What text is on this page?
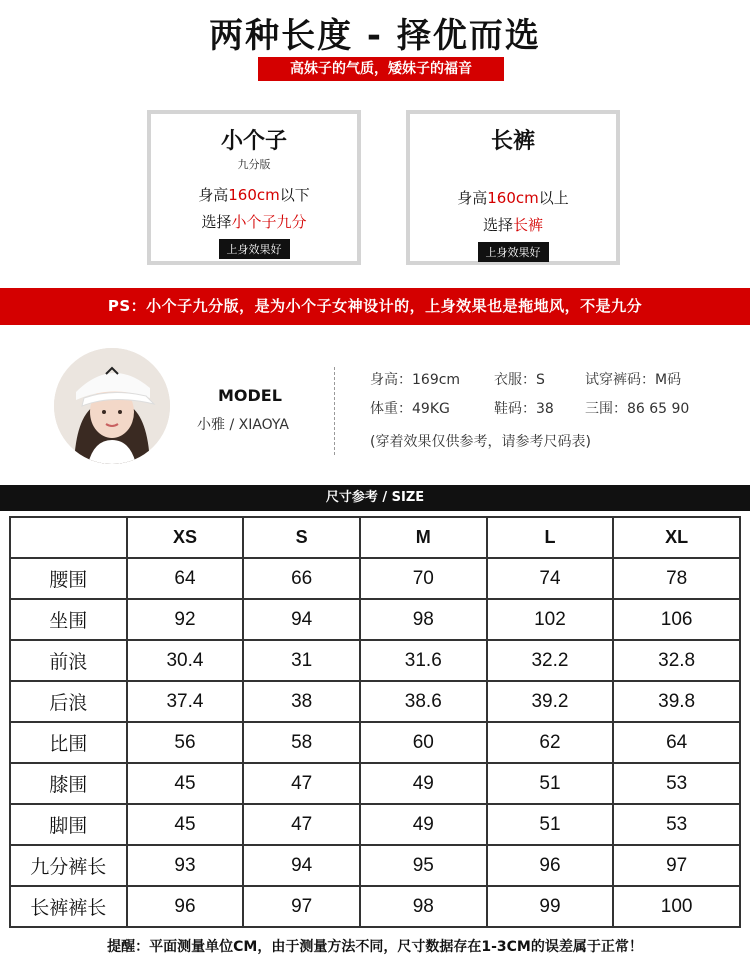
两种长度 - 择优而选
高妹子的气质，矮妹子的福音
小个子
九分版
身高160cm以下
选择小个子九分
上身效果好
长裤
身高160cm以上
选择长裤
上身效果好
PS：小个子九分版，是为小个子女神设计的，上身效果也是拖地风，不是九分
MODEL
小雅 / XIAOYA
身高：169cm 衣服：S	试穿裤码：M码
体重：49KG	鞋码：38 三围：86 65 90
(穿着效果仅供参考，请参考尺码表)
尺寸参考 / SIZE
	XS	S	M	L	XL
腰围	64	66	70	74	78
坐围	92	94	98	102	106
前浪	30.4	31	31.6	32.2	32.8
后浪	37.4	38	38.6	39.2	39.8
比围	56	58	60	62	64
膝围	45	47	49	51	53
脚围	45	47	49	51	53
九分裤长	93	94	95	96	97
长裤裤长	96	97	98	99	100
提醒：平面测量单位CM，由于测量方法不同，尺寸数据存在1-3CM的误差属于正常！
